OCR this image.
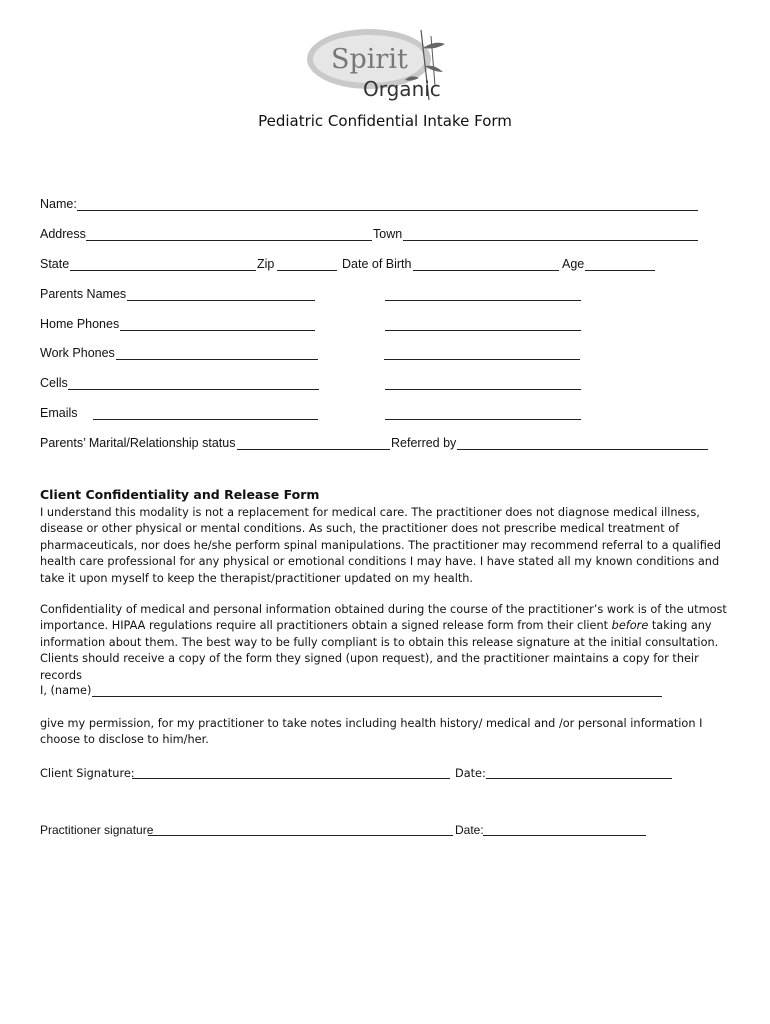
Spirit
Organic
Pediatric Confidential Intake Form
Name:
Address	Town
State	Zip	Date of Birth	Age
Parents Names
Home Phones
Work Phones
Cells
Emails
Parents’ Marital/Relationship status	Referred by
Client Confidentiality and Release Form
I understand this modality is not a replacement for medical care. The practitioner does not diagnose medical illness, disease or other physical or mental conditions. As such, the practitioner does not prescribe medical treatment of pharmaceuticals, nor does he/she perform spinal manipulations. The practitioner may recommend referral to a qualified health care professional for any physical or emotional conditions I may have. I have stated all my known conditions and take it upon myself to keep the therapist/practitioner updated on my health.
Confidentiality of medical and personal information obtained during the course of the practitioner’s work is of the utmost importance. HIPAA regulations require all practitioners obtain a signed release form from their client before taking any information about them. The best way to be fully compliant is to obtain this release signature at the initial consultation. Clients should receive a copy of the form they signed (upon request), and the practitioner maintains a copy for their records
I, (name)
give my permission, for my practitioner to take notes including health history/ medical and /or personal information I choose to disclose to him/her.
Client Signature:	Date:
Practitioner signature	Date:
